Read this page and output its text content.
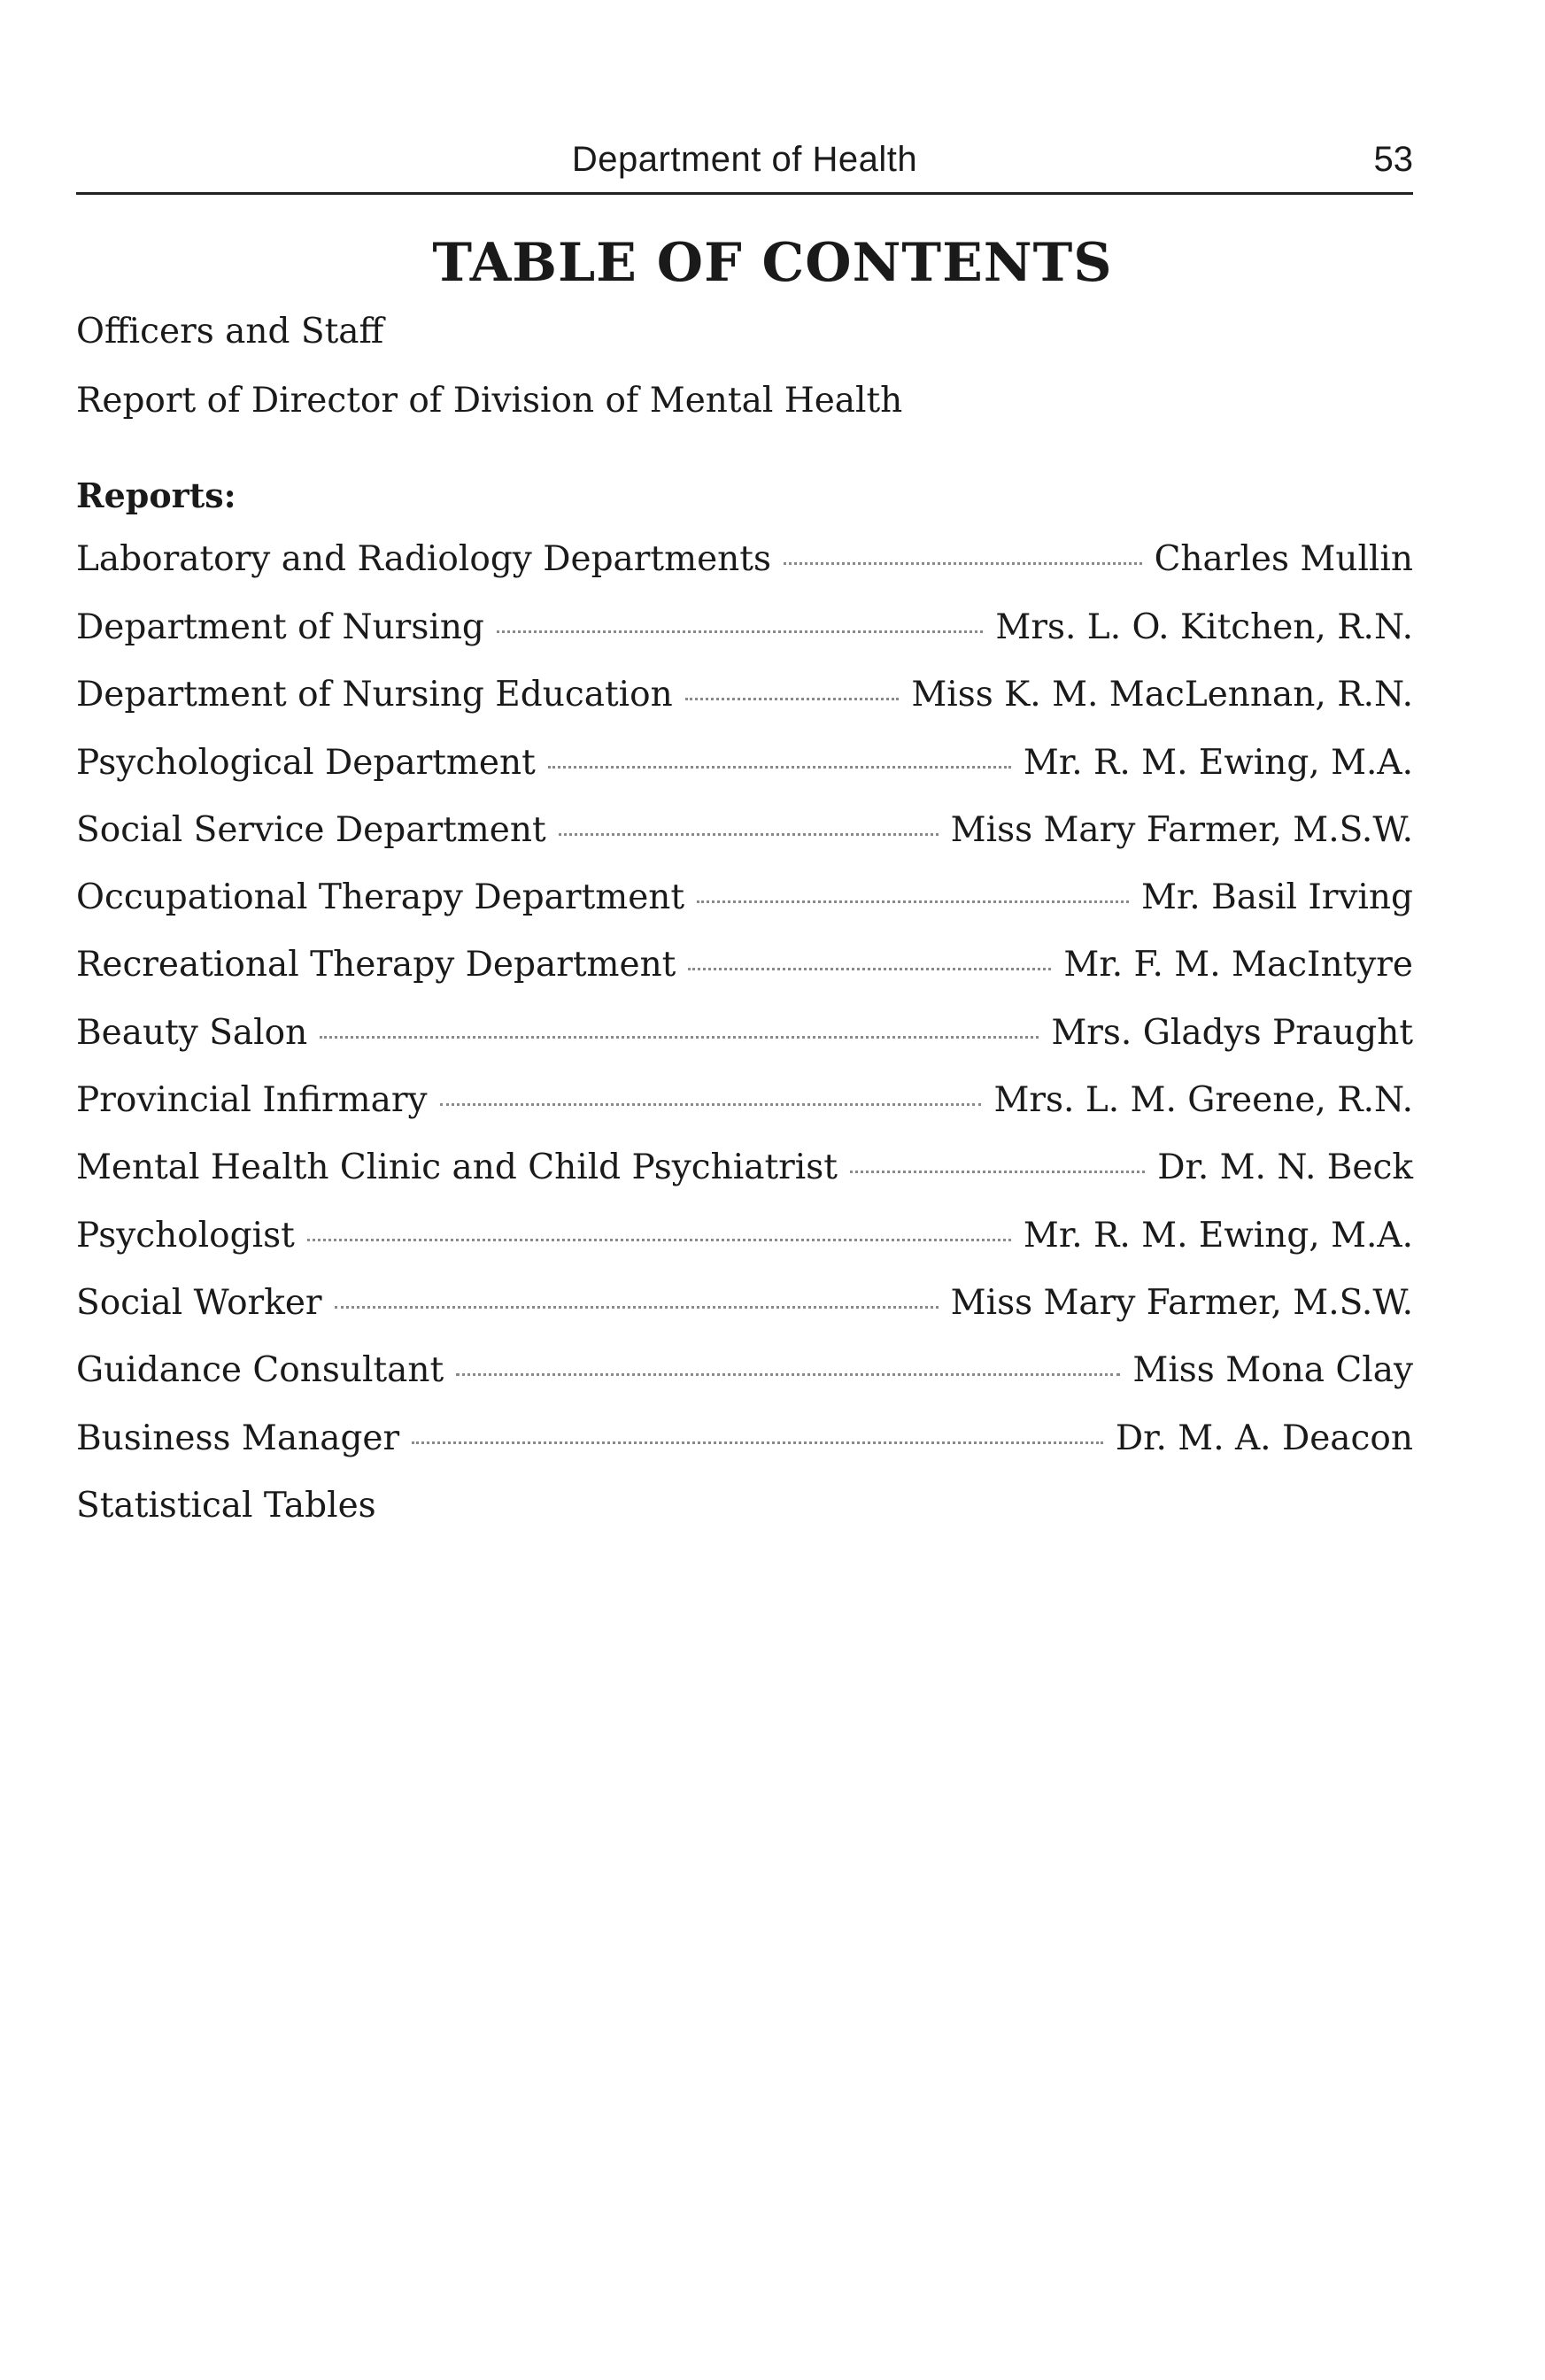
Department of Health	53
TABLE OF CONTENTS
Officers and Staff
Report of Director of Division of Mental Health
Reports:
Laboratory and Radiology Departments	Charles Mullin
Department of Nursing	Mrs. L. O. Kitchen, R.N.
Department of Nursing Education	Miss K. M. MacLennan, R.N.
Psychological Department	Mr. R. M. Ewing, M.A.
Social Service Department	Miss Mary Farmer, M.S.W.
Occupational Therapy Department	Mr. Basil Irving
Recreational Therapy Department	Mr. F. M. MacIntyre
Beauty Salon	Mrs. Gladys Praught
Provincial Infirmary	Mrs. L. M. Greene, R.N.
Mental Health Clinic and Child Psychiatrist	Dr. M. N. Beck
Psychologist	Mr. R. M. Ewing, M.A.
Social Worker	Miss Mary Farmer, M.S.W.
Guidance Consultant	Miss Mona Clay
Business Manager	Dr. M. A. Deacon
Statistical Tables
